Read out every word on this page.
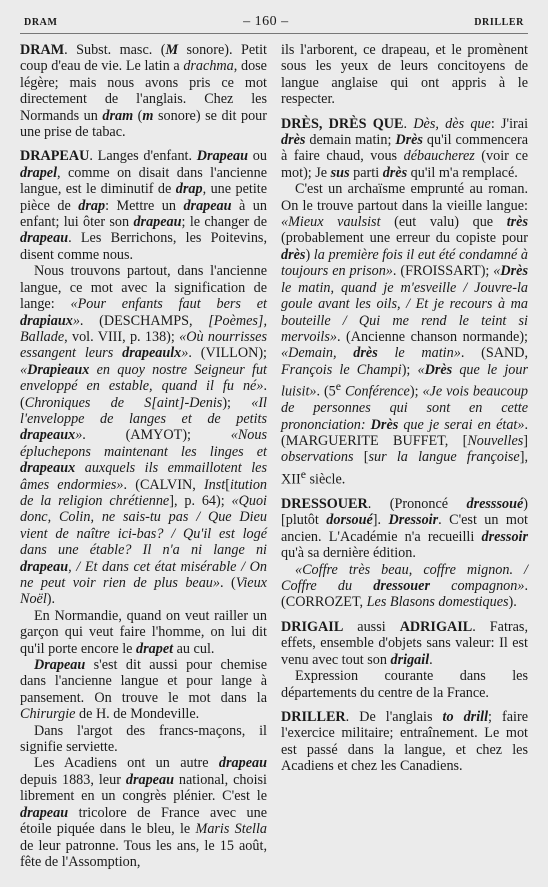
DRAM	– 160 –	DRILLER

DRAM. Subst. masc. (M sonore). Petit coup d'eau de vie. Le latin a drachma, dose légère; mais nous avons pris ce mot directement de l'anglais. Chez les Normands un dram (m sonore) se dit pour une prise de tabac.

DRAPEAU. Langes d'enfant. Drapeau ou drapel, comme on disait dans l'ancienne langue, est le diminutif de drap, une petite pièce de drap: Mettre un drapeau à un enfant; lui ôter son drapeau; le changer de drapeau. Les Berrichons, les Poitevins, disent comme nous.

Nous trouvons partout, dans l'ancienne langue, ce mot avec la signification de lange: «Pour enfants faut bers et drapiaux». (DESCHAMPS, [Poèmes], Ballade, vol. VIII, p. 138); «Où nourrisses essangent leurs drapeaulx». (VILLON); «Drapieaux en quoy nostre Seigneur fut enveloppé en estable, quand il fu né». (Chroniques de S[aint]-Denis); «Il l'enveloppe de langes et de petits drapeaux». (AMYOT); «Nous épluchерons maintenant les linges et drapeaux auxquels ils emmaillotent les âmes endormies». (CALVIN, Inst[itution de la religion chrétienne], p. 64); «Quoi donc, Colin, ne sais-tu pas / Que Dieu vient de naître ici-bas? / Qu'il est logé dans une étable? Il n'a ni lange ni drapeau, / Et dans cet état misérable / On ne peut voir rien de plus beau». (Vieux Noël).

En Normandie, quand on veut railler un garçon qui veut faire l'homme, on lui dit qu'il porte encore le drapet au cul.

Drapeau s'est dit aussi pour chemise dans l'ancienne langue et pour lange à pansement. On trouve le mot dans la Chirurgie de H. de Mondeville.

Dans l'argot des francs-maçons, il signifie serviette.

Les Acadiens ont un autre drapeau depuis 1883, leur drapeau national, choisi librement en un congrès plénier. C'est le drapeau tricolore de France avec une étoile piquée dans le bleu, le Maris Stella de leur patronne. Tous les ans, le 15 août, fête de l'Assomption,

ils l'arborent, ce drapeau, et le promènent sous les yeux de leurs concitoyens de langue anglaise qui ont appris à le respecter.

DRÈS, DRÈS QUE. Dès, dès que: J'irai drès demain matin; Drès qu'il commencera à faire chaud, vous débaucherez (voir ce mot); Je sus parti drès qu'il m'a remplacé.

C'est un archaïsme emprunté au roman. On le trouve partout dans la vieille langue: «Mieux vaulsist (eut valu) que très (probablement une erreur du copiste pour drès) la première fois il eut été condamné à toujours en prison». (FROISSART); «Drès le matin, quand je m'esveille / Jouvre-la goule avant les oils, / Et je recours à ma bouteille / Qui me rend le teint si mervoils». (Ancienne chanson normande); «Demain, drès le matin». (SAND, François le Champi); «Drès que le jour luisit». (5e Conférence); «Je vois beaucoup de personnes qui sont en cette prononciation: Drès que je serai en état». (MARGUERITE BUFFET, [Nouvelles] observations [sur la langue françoise], XIIe siècle.

DRESSOUER. (Prononcé dresssoué) [plutôt dorsoué]. Dressoir. C'est un mot ancien. L'Académie n'a recueilli dressoir qu'à sa dernière édition.

«Coffre très beau, coffre mignon. / Coffre du dressouer compagnon». (CORROZET, Les Blasons domestiques).

DRIGAIL aussi ADRIGAIL. Fatras, effets, ensemble d'objets sans valeur: Il est venu avec tout son drigail.

Expression courante dans les départements du centre de la France.

DRILLER. De l'anglais to drill; faire l'exercice militaire; entraînement. Le mot est passé dans la langue, et chez les Acadiens et chez les Canadiens.
